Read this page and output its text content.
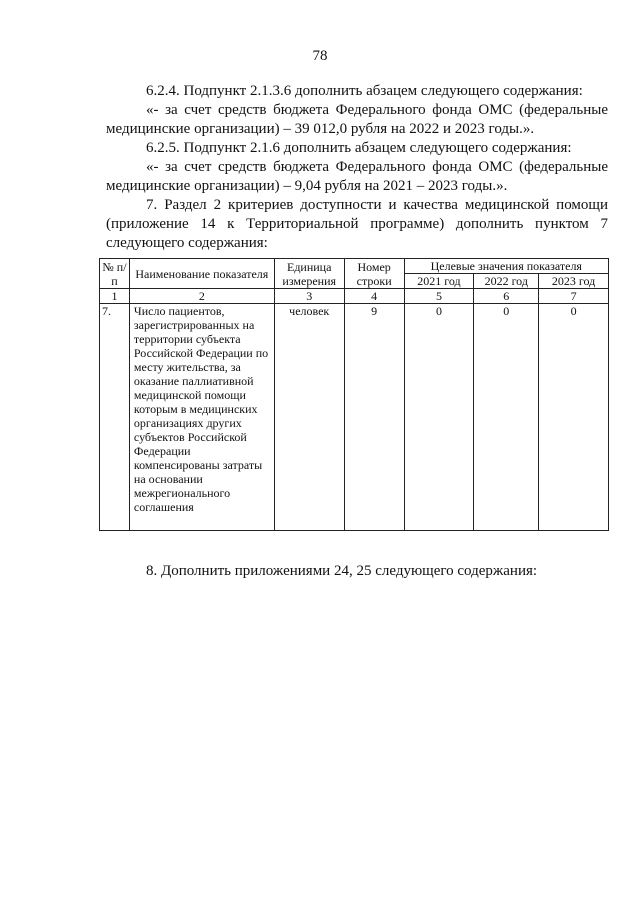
78
6.2.4. Подпункт 2.1.3.6 дополнить абзацем следующего содержания:
«- за счет средств бюджета Федерального фонда ОМС (федеральные
медицинские организации) – 39 012,0 рубля на 2022 и 2023 годы.».
6.2.5. Подпункт 2.1.6 дополнить абзацем следующего содержания:
«- за счет средств бюджета Федерального фонда ОМС (федеральные
медицинские организации) – 9,04 рубля на 2021 – 2023 годы.».
7. Раздел 2 критериев доступности и качества медицинской помощи
(приложение 14 к Территориальной программе) дополнить пунктом 7
следующего содержания:
№ п/п	Наименование показателя	Единица измерения	Номер строки	Целевые значения показателя		
				2021 год	2022 год	2023 год
1	2	3	4	5	6	7
7.	Число пациентов, зарегистрированных на территории субъекта Российской Федерации по месту жительства, за оказание паллиативной медицинской помощи которым в медицинских организациях других субъектов Российской Федерации компенсированы затраты на основании межрегионального соглашения	человек	9	0	0	0
8. Дополнить приложениями 24, 25 следующего содержания:
